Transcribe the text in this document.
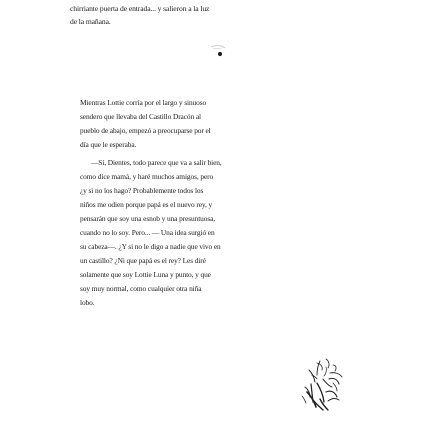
chirriante puerta de entrada... y salieron a la luz
de la mañana.
Mientras Lottie corría por el largo y sinuoso
sendero que llevaba del Castillo Dracón al
pueblo de abajo, empezó a preocuparse por el
día que le esperaba.
—Sí, Dientes, todo parece que va a salir bien,
como dice mamá, y haré muchos amigos, pero
¿y si no los hago? Probablemente todos los
niños me odien porque papá es el nuevo rey, y
pensarán que soy una esnob y una presuntuosa,
cuando no lo soy. Pero... — Una idea surgió en
su cabeza—. ¿Y si no le digo a nadie que vivo en
un castillo? ¿Ni que papá es el rey? Les diré
solamente que soy Lottie Luna y punto, y que
soy muy normal, como cualquier otra niña
lobo.
